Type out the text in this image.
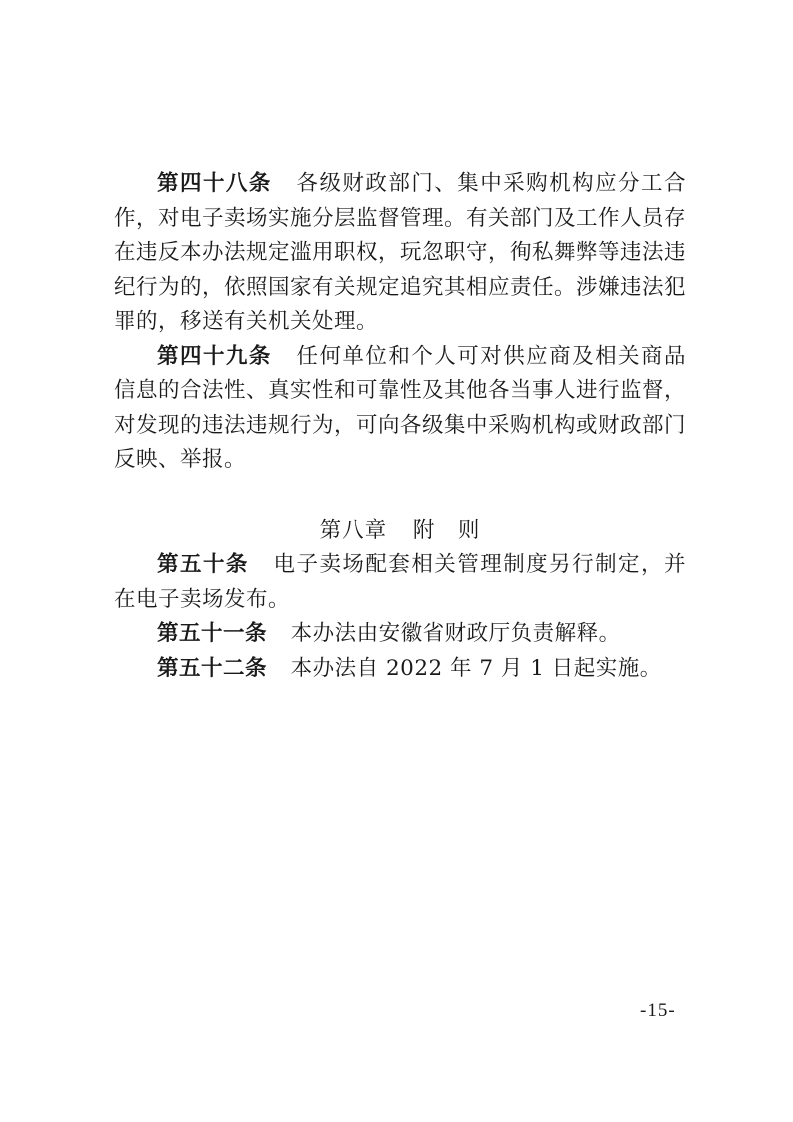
第四十八条 各级财政部门、集中采购机构应分工合作，对电子卖场实施分层监督管理。有关部门及工作人员存在违反本办法规定滥用职权，玩忽职守，徇私舞弊等违法违纪行为的，依照国家有关规定追究其相应责任。涉嫌违法犯罪的，移送有关机关处理。

第四十九条 任何单位和个人可对供应商及相关商品信息的合法性、真实性和可靠性及其他各当事人进行监督，对发现的违法违规行为，可向各级集中采购机构或财政部门反映、举报。

第八章 附　则

第五十条 电子卖场配套相关管理制度另行制定，并在电子卖场发布。

第五十一条 本办法由安徽省财政厅负责解释。

第五十二条 本办法自 2022 年 7 月 1 日起实施。

-15-
